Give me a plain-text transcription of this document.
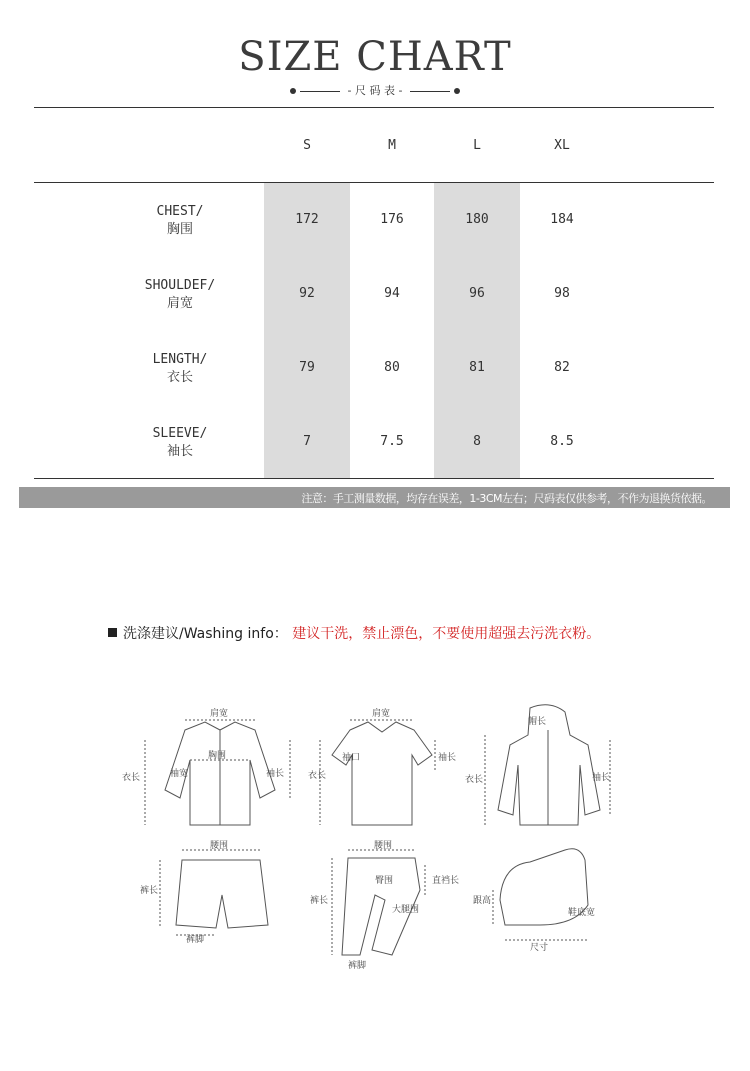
SIZE CHART
- 尺 码 表 -
S	M	L	XL
CHEST/
胸围
172	176	180	184
SHOULDEF/
肩宽
92	94	96	98
LENGTH/
衣长
79	80	81	82
SLEEVE/
袖长
7	7.5	8	8.5
注意：手工测量数据，均存在误差，1-3CM左右；尺码表仅供参考，不作为退换货依据。
洗涤建议/Washing info： 建议干洗，禁止漂色，不要使用超强去污洗衣粉。
肩宽
胸围
衣长	袖宽	袖长
肩宽
袖口
衣长
袖长
帽长
衣长	袖长
腰围
裤长
裤脚
腰围
臀围	直裆长
裤长
大腿围
裤脚
跟高
鞋底宽
尺寸
